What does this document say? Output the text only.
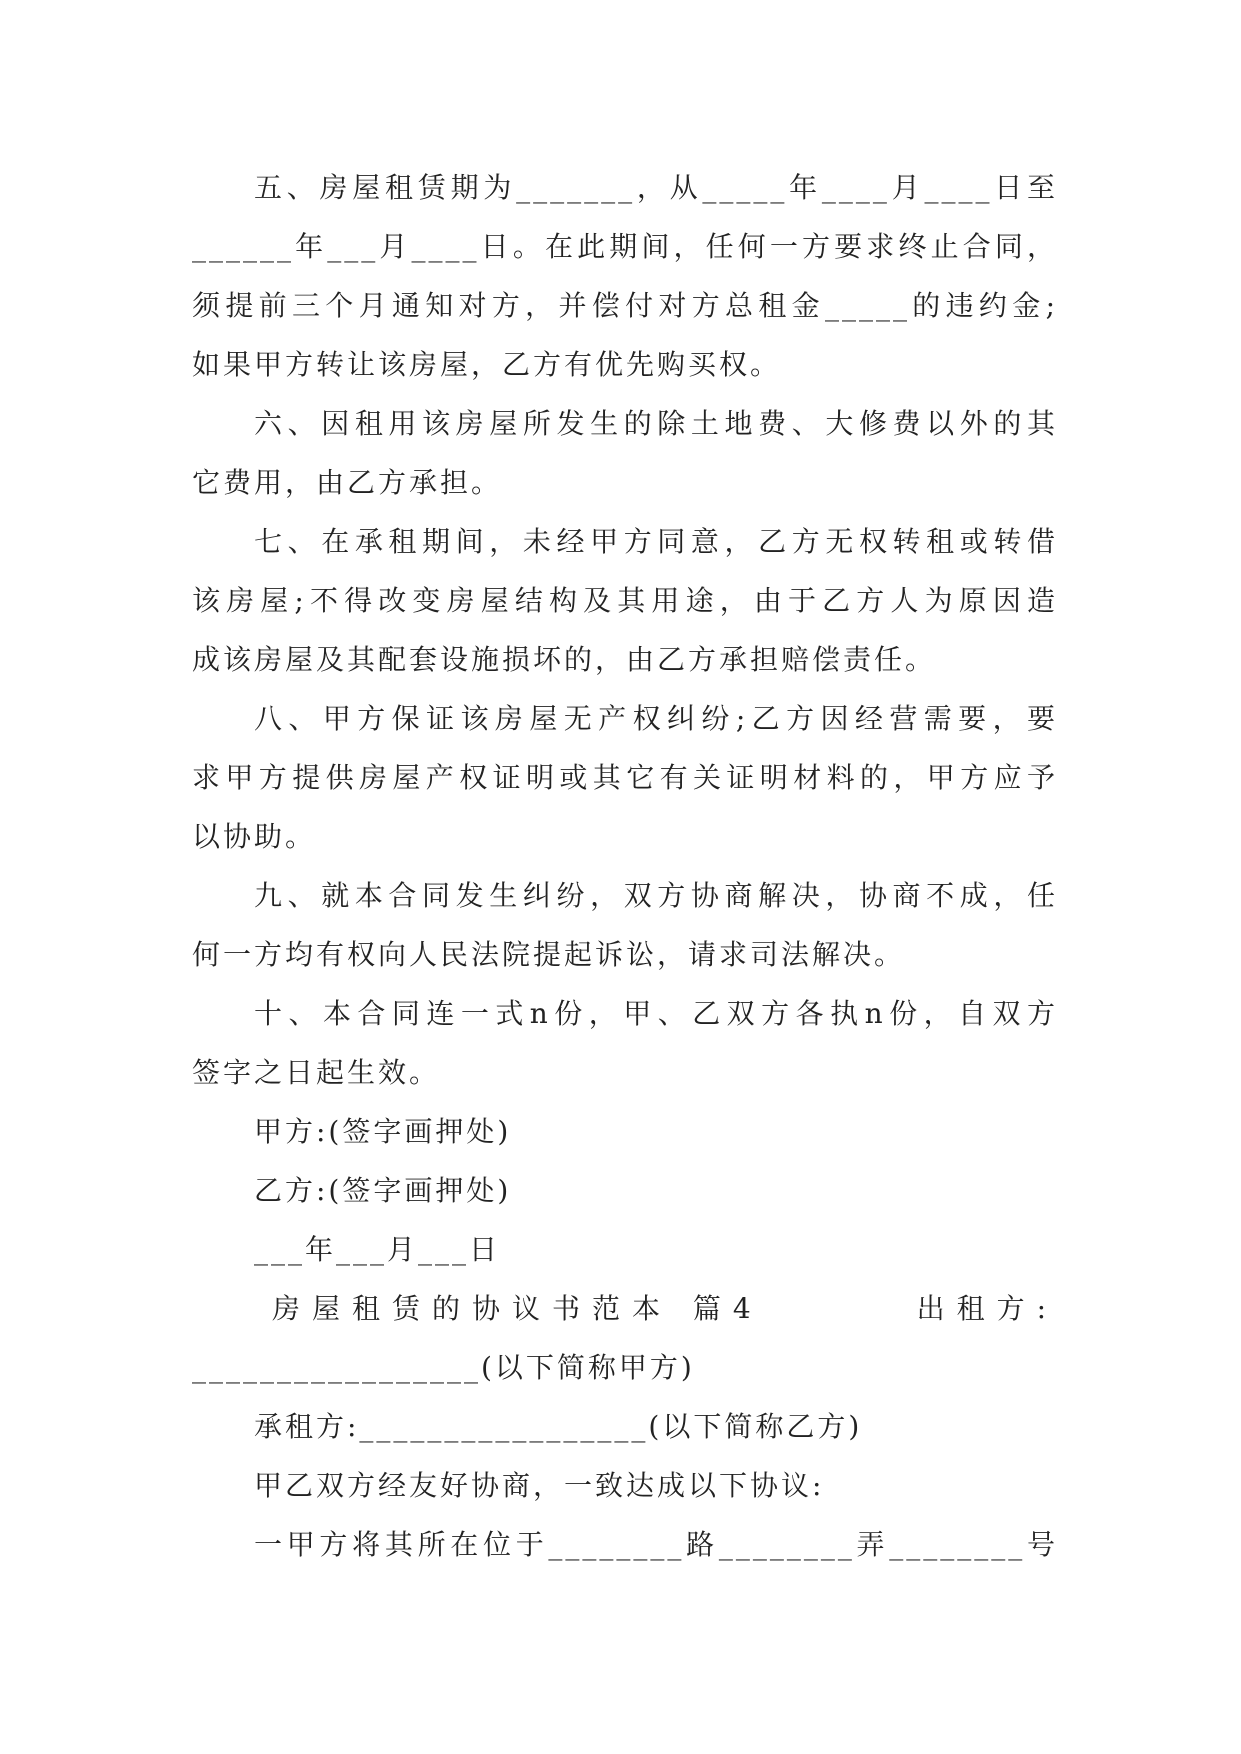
五、房屋租赁期为_______，从_____年____月____日至
______年___月____日。在此期间，任何一方要求终止合同，
须提前三个月通知对方，并偿付对方总租金_____的违约金;
如果甲方转让该房屋，乙方有优先购买权。
六、因租用该房屋所发生的除土地费、大修费以外的其
它费用，由乙方承担。
七、在承租期间，未经甲方同意，乙方无权转租或转借
该房屋;不得改变房屋结构及其用途，由于乙方人为原因造
成该房屋及其配套设施损坏的，由乙方承担赔偿责任。
八、甲方保证该房屋无产权纠纷;乙方因经营需要，要
求甲方提供房屋产权证明或其它有关证明材料的，甲方应予
以协助。
九、就本合同发生纠纷，双方协商解决，协商不成，任
何一方均有权向人民法院提起诉讼，请求司法解决。
十、本合同连一式n份，甲、乙双方各执n份，自双方
签字之日起生效。
甲方:(签字画押处)
乙方:(签字画押处)
___年___月___日
房屋租赁的协议书范本 篇4	出租方:
_________________(以下简称甲方)
承租方:_________________(以下简称乙方)
甲乙双方经友好协商，一致达成以下协议:
一甲方将其所在位于________路________弄________号
